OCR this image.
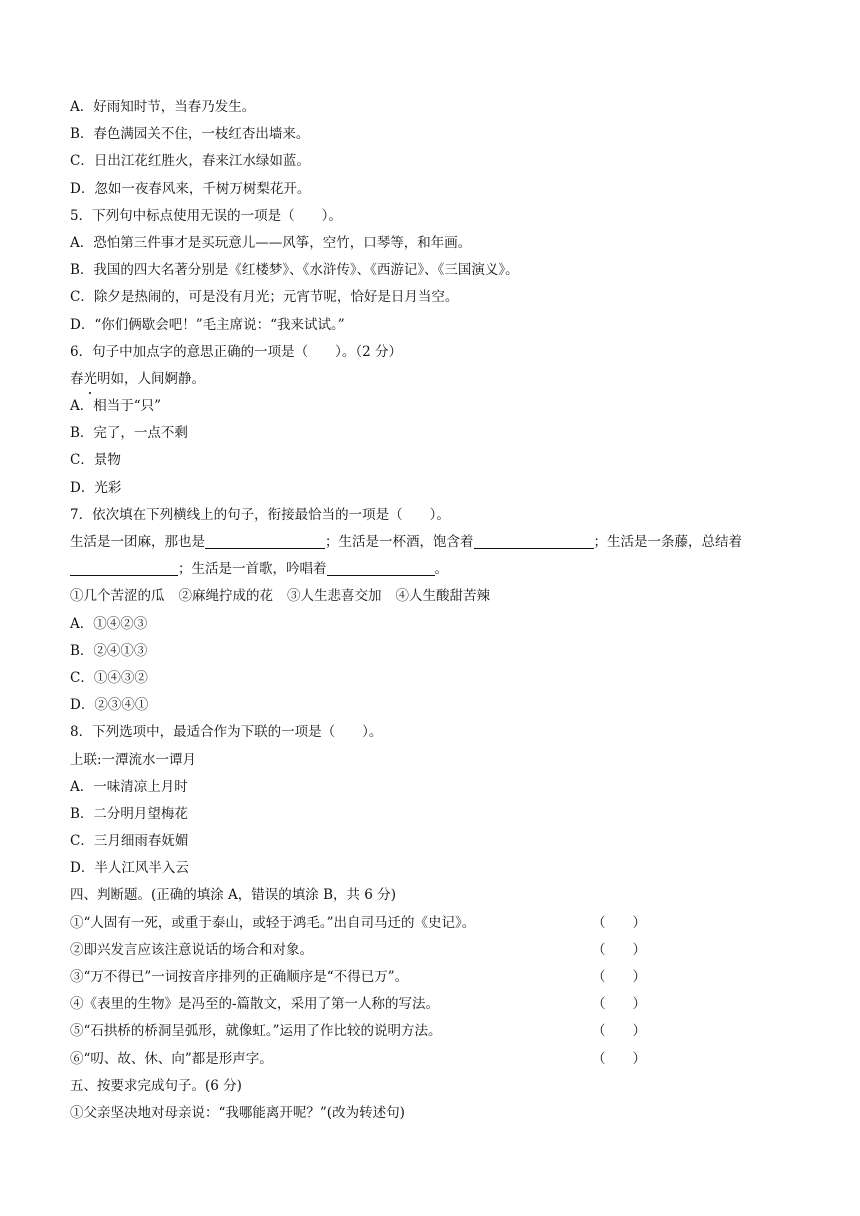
A．好雨知时节，当春乃发生。
B．春色满园关不住，一枝红杏出墙来。
C．日出江花红胜火，春来江水绿如蓝。
D．忽如一夜春风来，千树万树梨花开。
5．下列句中标点使用无误的一项是（　　）。
A．恐怕第三件事才是买玩意儿——风筝，空竹，口琴等，和年画。
B．我国的四大名著分别是《红楼梦》、《水浒传》、《西游记》、《三国演义》。
C．除夕是热闹的，可是没有月光；元宵节呢，恰好是日月当空。
D．“你们俩歇会吧！”毛主席说：“我来试试。”
6．句子中加点字的意思正确的一项是（　　）。（2 分）
春光明如，人间婀静。
A．相当于“只”
B．完了，一点不剩
C．景物
D．光彩
7．依次填在下列横线上的句子，衔接最恰当的一项是（　　）。
生活是一团麻，那也是	；生活是一杯酒，饱含着	；生活是一条藤，总结着
；生活是一首歌，吟唱着	。
①几个苦涩的瓜 ②麻绳拧成的花 ③人生悲喜交加 ④人生酸甜苦辣
A．①④②③
B．②④①③
C．①④③②
D．②③④①
8．下列选项中，最适合作为下联的一项是（　　）。
上联:一潭流水一谭月
A．一味清凉上月时
B．二分明月望梅花
C．三月细雨春妩媚
D．半人江风半入云
四、判断题。(正确的填涂 A，错误的填涂 B，共 6 分)
①“人固有一死，或重于泰山，或轻于鸿毛。”出自司马迁的《史记》。	（　　）
②即兴发言应该注意说话的场合和对象。	（　　）
③“万不得已”一词按音序排列的正确顺序是“不得已万”。	（　　）
④《表里的生物》是冯至的-篇散文，采用了第一人称的写法。	（　　）
⑤“石拱桥的桥洞呈弧形，就像虹。”运用了作比较的说明方法。	（　　）
⑥“叨、故、休、向”都是形声字。	（　　）
五、按要求完成句子。(6 分)
①父亲坚决地对母亲说：“我哪能离开呢？”(改为转述句)
